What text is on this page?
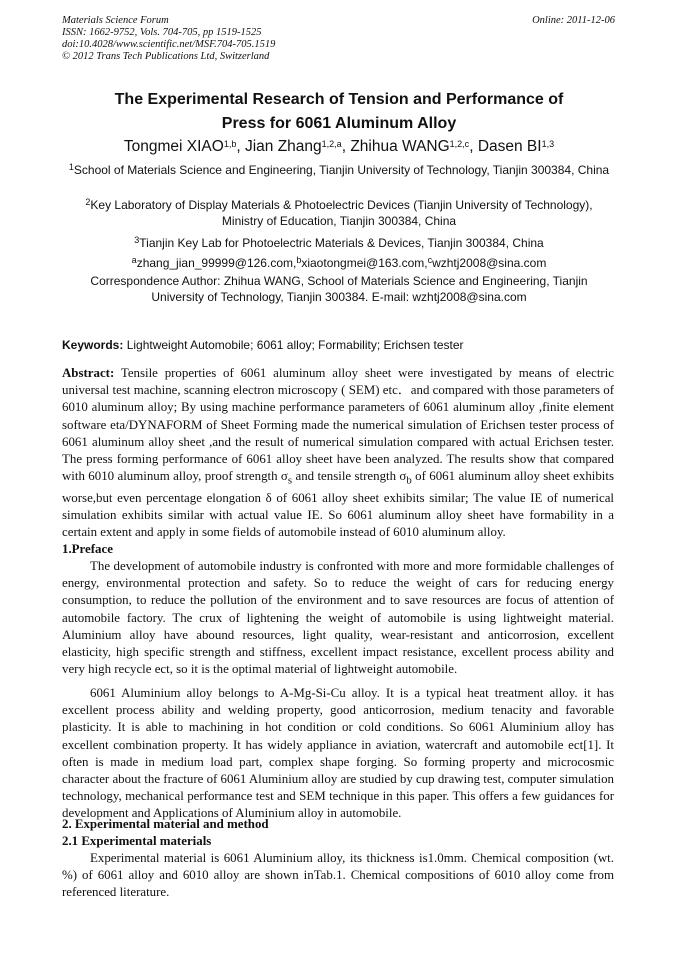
Materials Science Forum
ISSN: 1662-9752, Vols. 704-705, pp 1519-1525
doi:10.4028/www.scientific.net/MSF.704-705.1519
© 2012 Trans Tech Publications Ltd, Switzerland
Online: 2011-12-06
The Experimental Research of Tension and Performance of
Press for 6061 Aluminum Alloy
Tongmei XIAO$^{1,b}$, Jian Zhang$^{1,2,a}$, Zhihua WANG$^{1,2,c}$, Dasen BI$^{1,3}$
$^1$School of Materials Science and Engineering, Tianjin University of Technology, Tianjin 300384, China
$^2$Key Laboratory of Display Materials & Photoelectric Devices (Tianjin University of Technology), Ministry of Education, Tianjin 300384, China
$^3$Tianjin Key Lab for Photoelectric Materials & Devices, Tianjin 300384, China
$^a$zhang_jian_99999@126.com,$^b$xiaotongmei@163.com,$^c$wzhtj2008@sina.com
Correspondence Author: Zhihua WANG, School of Materials Science and Engineering, Tianjin University of Technology, Tianjin 300384. E-mail: wzhtj2008@sina.com
Keywords: Lightweight Automobile; 6061 alloy; Formability; Erichsen tester
Abstract: Tensile properties of 6061 aluminum alloy sheet were investigated by means of electric universal test machine, scanning electron microscopy ( SEM) etc．and compared with those parameters of 6010 aluminum alloy; By using machine performance parameters of 6061 aluminum alloy ,finite element software eta/DYNAFORM of Sheet Forming made the numerical simulation of Erichsen tester process of 6061 aluminum alloy sheet ,and the result of numerical simulation compared with actual Erichsen tester. The press forming performance of 6061 alloy sheet have been analyzed. The results show that compared with 6010 aluminum alloy, proof strength $\sigma_s$ and tensile strength $\sigma_b$ of 6061 aluminum alloy sheet exhibits worse,but even percentage elongation δ of 6061 alloy sheet exhibits similar; The value IE of numerical simulation exhibits similar with actual value IE. So 6061 aluminum alloy sheet have formability in a certain extent and apply in some fields of automobile instead of 6010 aluminum alloy.
1.Preface
The development of automobile industry is confronted with more and more formidable challenges of energy, environmental protection and safety. So to reduce the weight of cars for reducing energy consumption, to reduce the pollution of the environment and to save resources are focus of attention of automobile factory. The crux of lightening the weight of automobile is using lightweight material. Aluminium alloy have abound resources, light quality, wear-resistant and anticorrosion, excellent elasticity, high specific strength and stiffness, excellent impact resistance, excellent process ability and very high recycle ect, so it is the optimal material of lightweight automobile.
6061 Aluminium alloy belongs to A-Mg-Si-Cu alloy. It is a typical heat treatment alloy. it has excellent process ability and welding property, good anticorrosion, medium tenacity and favorable plasticity. It is able to machining in hot condition or cold conditions. So 6061 Aluminium alloy has excellent combination property. It has widely appliance in aviation, watercraft and automobile ect[1]. It often is made in medium load part, complex shape forging. So forming property and microcosmic character about the fracture of 6061 Aluminium alloy are studied by cup drawing test, computer simulation technology, mechanical performance test and SEM technique in this paper. This offers a few guidances for development and Applications of Aluminium alloy in automobile.
2. Experimental material and method
2.1 Experimental materials
Experimental material is 6061 Aluminium alloy, its thickness is1.0mm. Chemical composition (wt. %) of 6061 alloy and 6010 alloy are shown inTab.1. Chemical compositions of 6010 alloy come from referenced literature.
